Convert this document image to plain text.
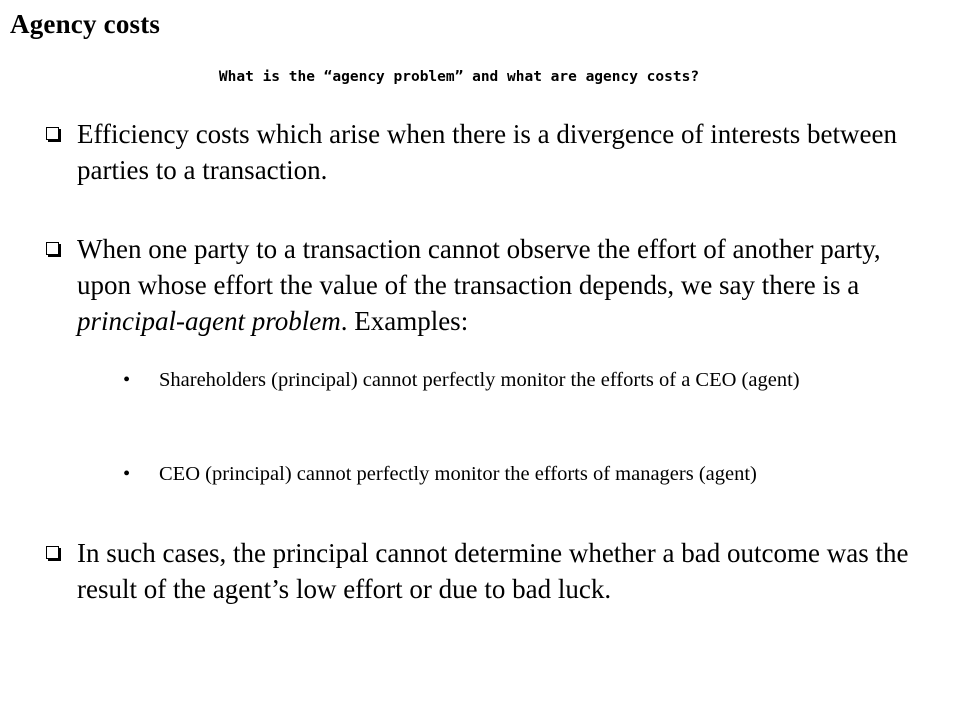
Agency costs
What is the “agency problem” and what are agency costs?
Efficiency costs which arise when there is a divergence of interests between parties to a transaction.
When one party to a transaction cannot observe the effort of another party, upon whose effort the value of the transaction depends, we say there is a principal-agent problem. Examples:
• Shareholders (principal) cannot perfectly monitor the efforts of a CEO (agent)
• CEO (principal) cannot perfectly monitor the efforts of managers (agent)
In such cases, the principal cannot determine whether a bad outcome was the result of the agent’s low effort or due to bad luck.
